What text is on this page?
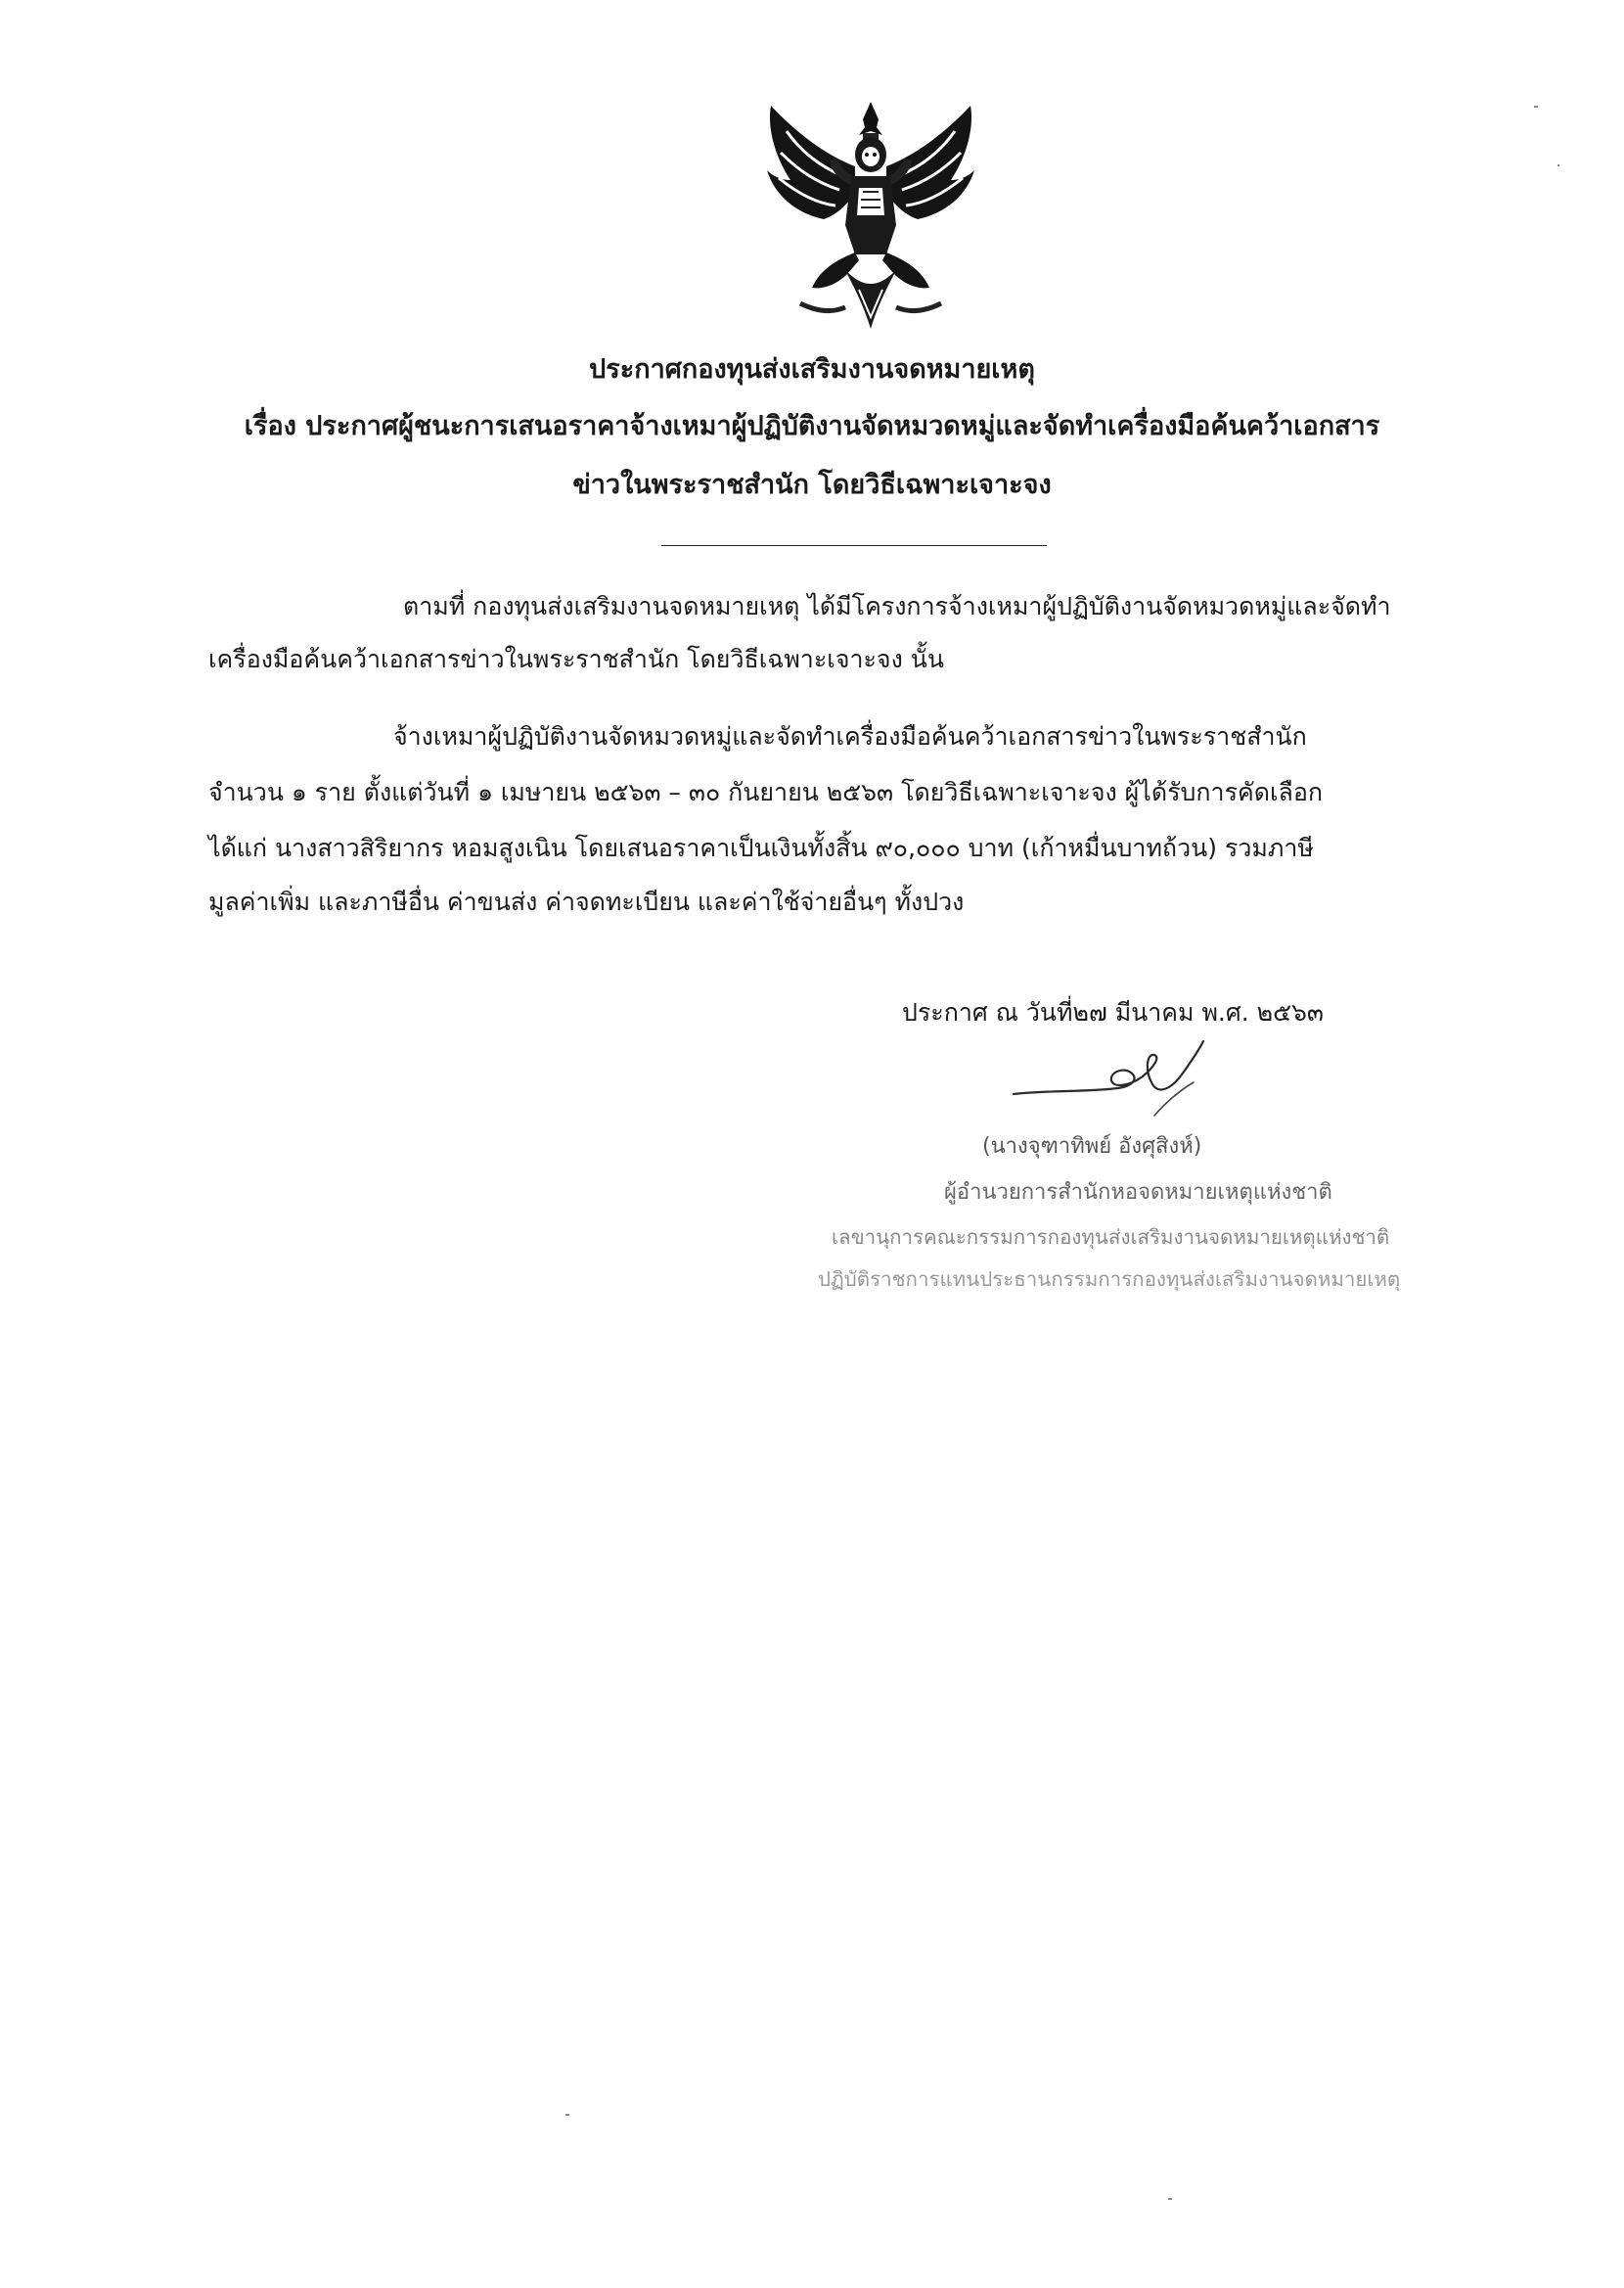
ประกาศกองทุนส่งเสริมงานจดหมายเหตุ
เรื่อง ประกาศผู้ชนะการเสนอราคาจ้างเหมาผู้ปฏิบัติงานจัดหมวดหมู่และจัดทำเครื่องมือค้นคว้าเอกสาร
ข่าวในพระราชสำนัก โดยวิธีเฉพาะเจาะจง
ตามที่ กองทุนส่งเสริมงานจดหมายเหตุ ได้มีโครงการจ้างเหมาผู้ปฏิบัติงานจัดหมวดหมู่และจัดทำ
เครื่องมือค้นคว้าเอกสารข่าวในพระราชสำนัก โดยวิธีเฉพาะเจาะจง นั้น
จ้างเหมาผู้ปฏิบัติงานจัดหมวดหมู่และจัดทำเครื่องมือค้นคว้าเอกสารข่าวในพระราชสำนัก
จำนวน ๑ ราย ตั้งแต่วันที่ ๑ เมษายน ๒๕๖๓ – ๓๐ กันยายน ๒๕๖๓ โดยวิธีเฉพาะเจาะจง ผู้ได้รับการคัดเลือก
ได้แก่ นางสาวสิริยากร หอมสูงเนิน โดยเสนอราคาเป็นเงินทั้งสิ้น ๙๐,๐๐๐ บาท (เก้าหมื่นบาทถ้วน) รวมภาษี
มูลค่าเพิ่ม และภาษีอื่น ค่าขนส่ง ค่าจดทะเบียน และค่าใช้จ่ายอื่นๆ ทั้งปวง
ประกาศ ณ วันที่๒๗ มีนาคม พ.ศ. ๒๕๖๓
(นางจุฑาทิพย์ อังศุสิงห์)
ผู้อำนวยการสำนักหอจดหมายเหตุแห่งชาติ
เลขานุการคณะกรรมการกองทุนส่งเสริมงานจดหมายเหตุแห่งชาติ
ปฏิบัติราชการแทนประธานกรรมการกองทุนส่งเสริมงานจดหมายเหตุ
